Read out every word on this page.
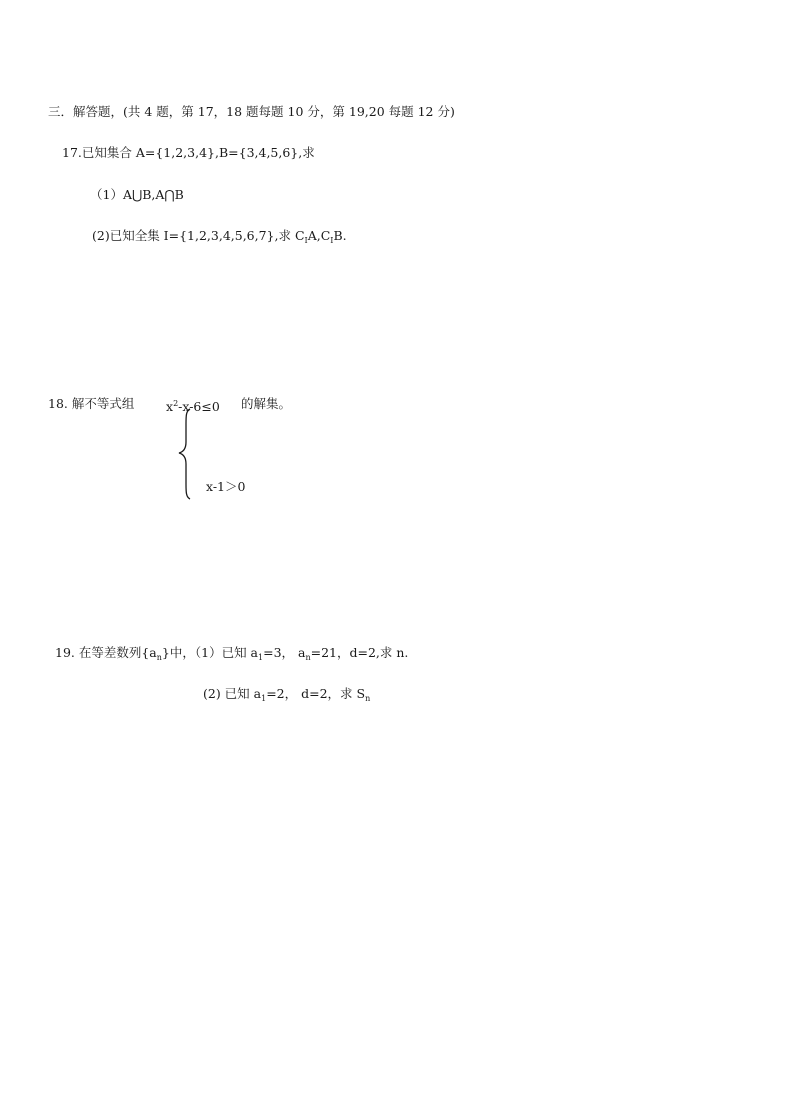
三．解答题，(共 4 题，第 17，18 题每题 10 分，第 19,20 每题 12 分)
17.已知集合 A={1,2,3,4},B={3,4,5,6},求
（1）A⋃B,A⋂B
(2)已知全集 I={1,2,3,4,5,6,7},求 $C_IA,C_IB$.
18. 解不等式组	$x^2-x-6\le 0$ 的解集。
x-1＞0
19. 在等差数列$\{a_n\}$中，（1）已知 $a_1=3$， $a_n=21$，d=2,求 n.
(2) 已知 $a_1=2$， d=2，求 $S_n$
